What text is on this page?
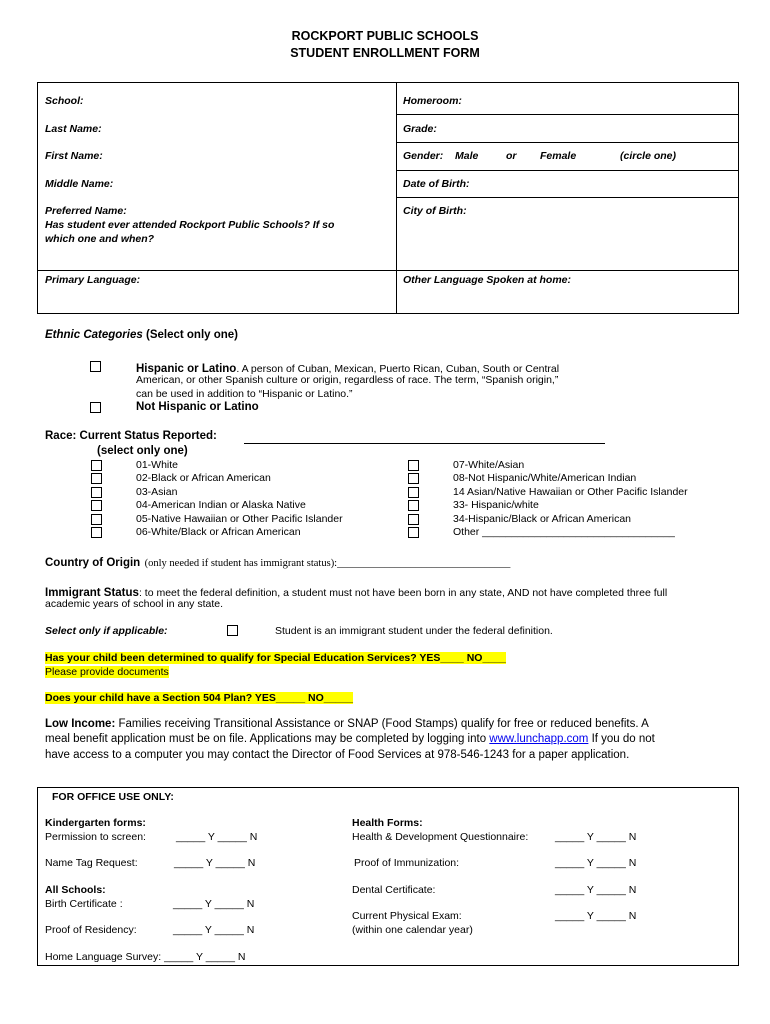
ROCKPORT PUBLIC SCHOOLS
STUDENT ENROLLMENT FORM
School:	Homeroom:
Last Name:	Grade:
First Name:	Gender: Male	or Female	(circle one)
Middle Name:	Date of Birth:
Preferred Name:	City of Birth:
Has student ever attended Rockport Public Schools? If so
which one and when?
Primary Language:	Other Language Spoken at home:
Ethnic Categories (Select only one)
Hispanic or Latino. A person of Cuban, Mexican, Puerto Rican, Cuban, South or Central
American, or other Spanish culture or origin, regardless of race. The term, “Spanish origin,”
can be used in addition to “Hispanic or Latino.”
Not Hispanic or Latino
Race: Current Status Reported:
(select only one)
01-White
02-Black or African American
03-Asian
04-American Indian or Alaska Native
05-Native Hawaiian or Other Pacific Islander
06-White/Black or African American
07-White/Asian
08-Not Hispanic/White/American Indian
14 Asian/Native Hawaiian or Other Pacific Islander
33- Hispanic/white
34-Hispanic/Black or African American
Other _________________________________
Country of Origin (only needed if student has immigrant status):_________________________________
Immigrant Status: to meet the federal definition, a student must not have been born in any state, AND not have completed three full
academic years of school in any state.
Select only if applicable:	Student is an immigrant student under the federal definition.
Has your child been determined to qualify for Special Education Services? YES____ NO____
Please provide documents
Does your child have a Section 504 Plan? YES_____ NO_____
Low Income: Families receiving Transitional Assistance or SNAP (Food Stamps) qualify for free or reduced benefits. A
meal benefit application must be on file. Applications may be completed by logging into www.lunchapp.com If you do not
have access to a computer you may contact the Director of Food Services at 978-546-1243 for a paper application.
FOR OFFICE USE ONLY:
Kindergarten forms:
Permission to screen:	_____ Y _____ N
Name Tag Request:	_____ Y _____ N
All Schools:
Birth Certificate :	_____ Y _____ N
Proof of Residency:	_____ Y _____ N
Home Language Survey: _____ Y _____ N
Health Forms:
Health & Development Questionnaire:	_____ Y _____ N
Proof of Immunization:	_____ Y _____ N
Dental Certificate:	_____ Y _____ N
Current Physical Exam:
(within one calendar year)
_____ Y _____ N
